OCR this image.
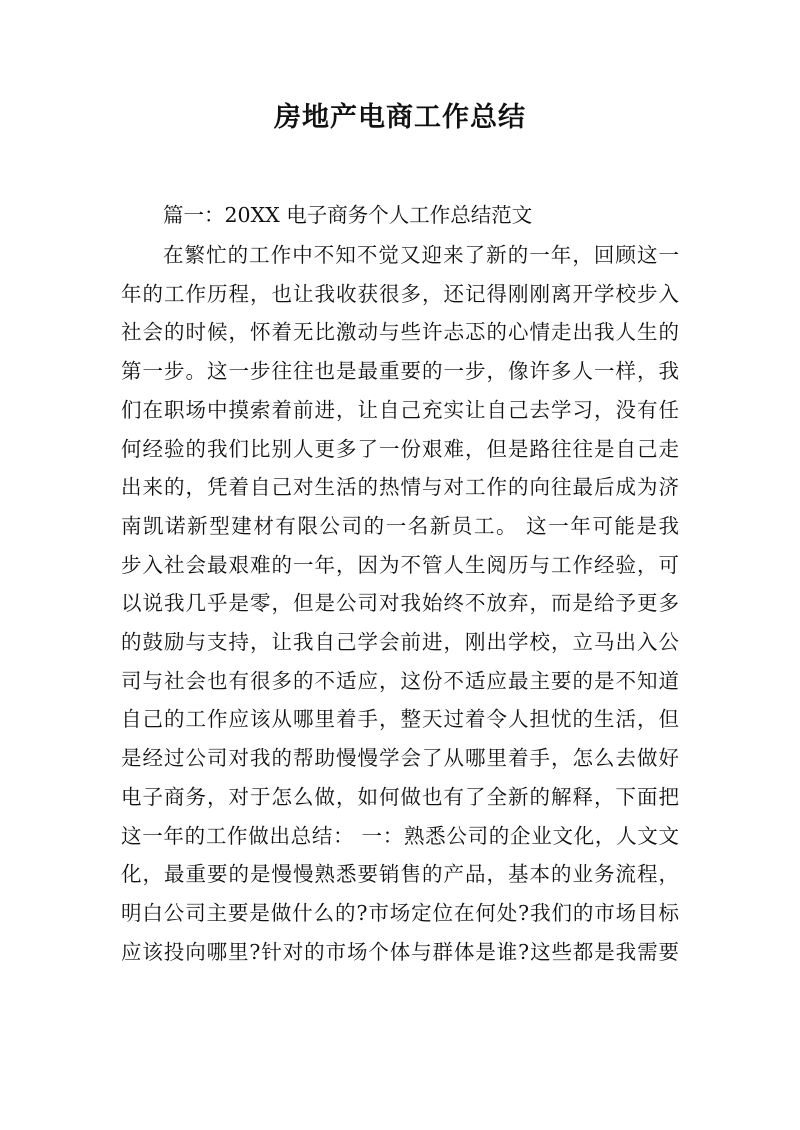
房地产电商工作总结
篇一：20XX 电子商务个人工作总结范文
在繁忙的工作中不知不觉又迎来了新的一年，回顾这一
年的工作历程，也让我收获很多，还记得刚刚离开学校步入
社会的时候，怀着无比激动与些许忐忑的心情走出我人生的
第一步。这一步往往也是最重要的一步，像许多人一样，我
们在职场中摸索着前进，让自己充实让自己去学习，没有任
何经验的我们比别人更多了一份艰难，但是路往往是自己走
出来的，凭着自己对生活的热情与对工作的向往最后成为济
南凯诺新型建材有限公司的一名新员工。 这一年可能是我
步入社会最艰难的一年，因为不管人生阅历与工作经验，可
以说我几乎是零，但是公司对我始终不放弃，而是给予更多
的鼓励与支持，让我自己学会前进，刚出学校，立马出入公
司与社会也有很多的不适应，这份不适应最主要的是不知道
自己的工作应该从哪里着手，整天过着令人担忧的生活，但
是经过公司对我的帮助慢慢学会了从哪里着手，怎么去做好
电子商务，对于怎么做，如何做也有了全新的解释，下面把
这一年的工作做出总结： 一：熟悉公司的企业文化，人文文
化，最重要的是慢慢熟悉要销售的产品，基本的业务流程，
明白公司主要是做什么的?市场定位在何处?我们的市场目标
应该投向哪里?针对的市场个体与群体是谁?这些都是我需要
